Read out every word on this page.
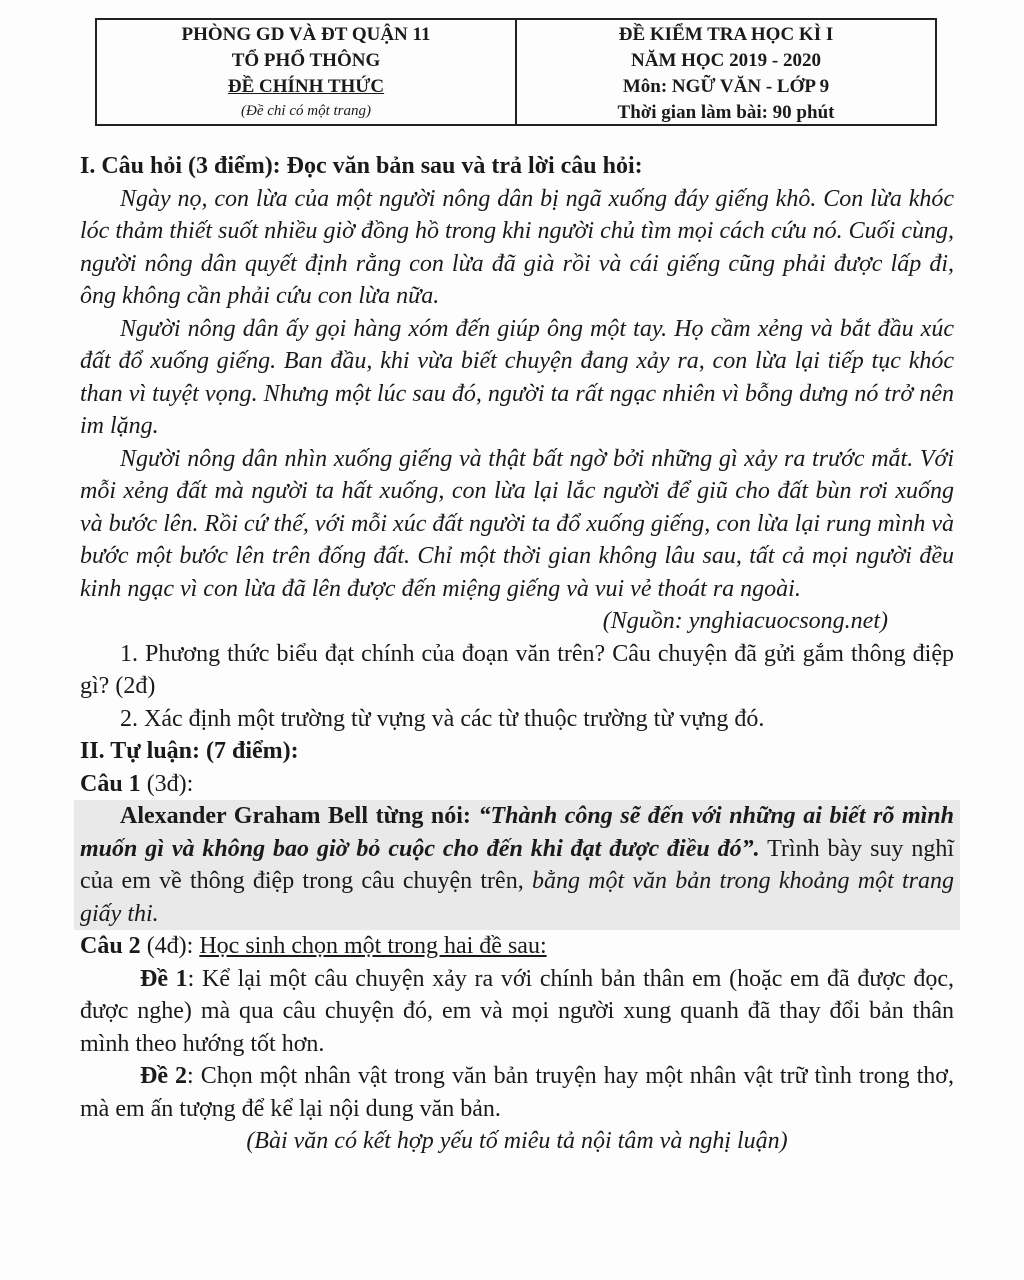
PHÒNG GD VÀ ĐT QUẬN 11
TỔ PHỔ THÔNG
ĐỀ CHÍNH THỨC
(Đề chỉ có một trang)
ĐỀ KIỂM TRA HỌC KÌ I
NĂM HỌC 2019 - 2020
Môn: NGỮ VĂN - LỚP 9
Thời gian làm bài: 90 phút

I. Câu hỏi (3 điểm): Đọc văn bản sau và trả lời câu hỏi:

Ngày nọ, con lừa của một người nông dân bị ngã xuống đáy giếng khô. Con lừa khóc lóc thảm thiết suốt nhiều giờ đồng hồ trong khi người chủ tìm mọi cách cứu nó. Cuối cùng, người nông dân quyết định rằng con lừa đã già rồi và cái giếng cũng phải được lấp đi, ông không cần phải cứu con lừa nữa.

Người nông dân ấy gọi hàng xóm đến giúp ông một tay. Họ cầm xẻng và bắt đầu xúc đất đổ xuống giếng. Ban đầu, khi vừa biết chuyện đang xảy ra, con lừa lại tiếp tục khóc than vì tuyệt vọng. Nhưng một lúc sau đó, người ta rất ngạc nhiên vì bỗng dưng nó trở nên im lặng.

Người nông dân nhìn xuống giếng và thật bất ngờ bởi những gì xảy ra trước mắt. Với mỗi xẻng đất mà người ta hất xuống, con lừa lại lắc người để giũ cho đất bùn rơi xuống và bước lên. Rồi cứ thế, với mỗi xúc đất người ta đổ xuống giếng, con lừa lại rung mình và bước một bước lên trên đống đất. Chỉ một thời gian không lâu sau, tất cả mọi người đều kinh ngạc vì con lừa đã lên được đến miệng giếng và vui vẻ thoát ra ngoài.

(Nguồn: ynghiacuocsong.net)

1. Phương thức biểu đạt chính của đoạn văn trên? Câu chuyện đã gửi gắm thông điệp gì? (2đ)

2. Xác định một trường từ vựng và các từ thuộc trường từ vựng đó.

II. Tự luận: (7 điểm):

Câu 1 (3đ):

Alexander Graham Bell từng nói: “Thành công sẽ đến với những ai biết rõ mình muốn gì và không bao giờ bỏ cuộc cho đến khi đạt được điều đó”. Trình bày suy nghĩ của em về thông điệp trong câu chuyện trên, bằng một văn bản trong khoảng một trang giấy thi.

Câu 2 (4đ): Học sinh chọn một trong hai đề sau:

Đề 1: Kể lại một câu chuyện xảy ra với chính bản thân em (hoặc em đã được đọc, được nghe) mà qua câu chuyện đó, em và mọi người xung quanh đã thay đổi bản thân mình theo hướng tốt hơn.

Đề 2: Chọn một nhân vật trong văn bản truyện hay một nhân vật trữ tình trong thơ, mà em ấn tượng để kể lại nội dung văn bản.

(Bài văn có kết hợp yếu tố miêu tả nội tâm và nghị luận)
